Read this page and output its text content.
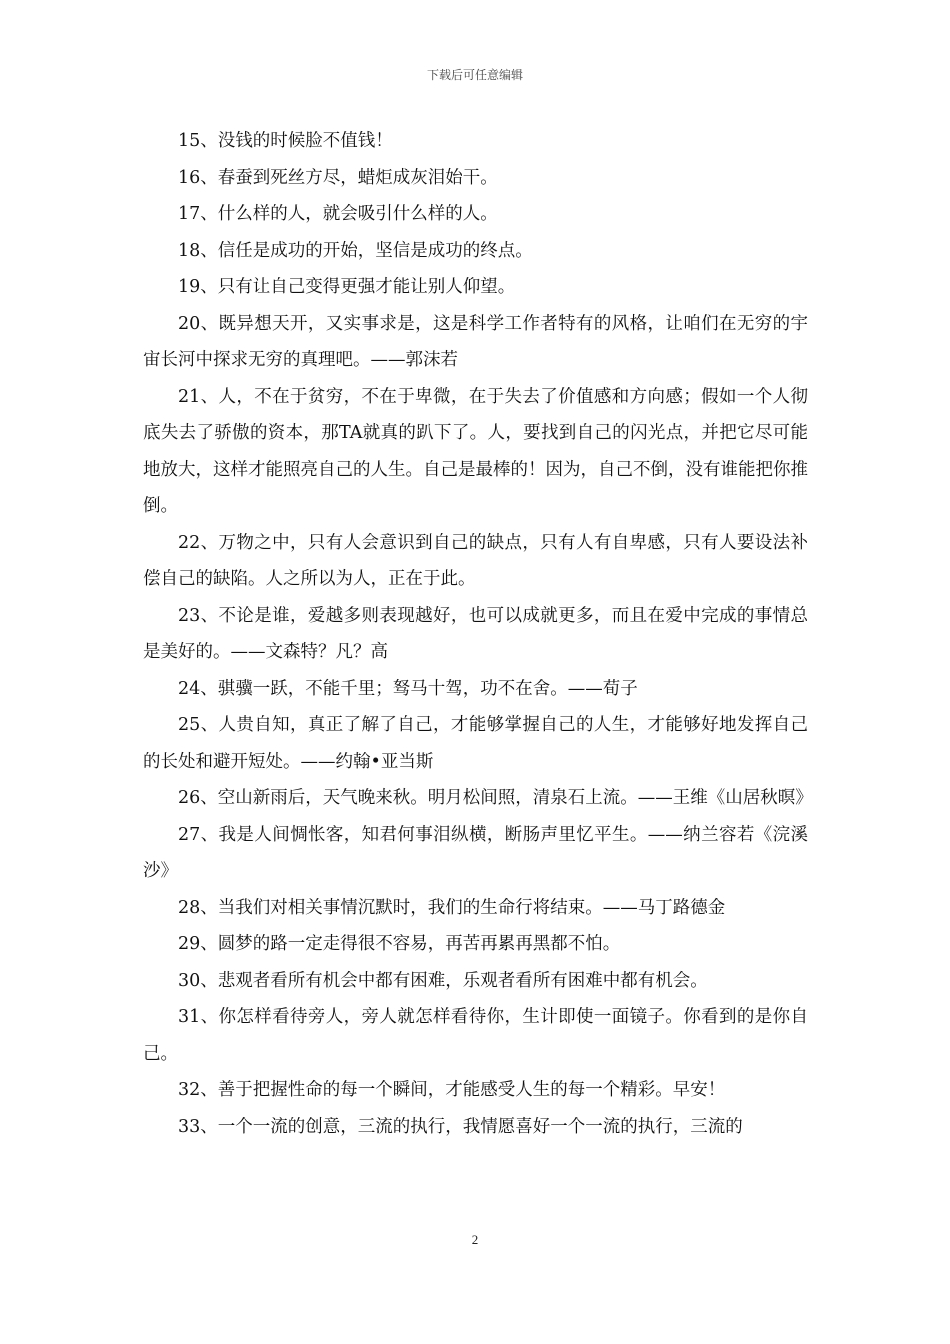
下载后可任意编辑

15、没钱的时候脸不值钱！

16、春蚕到死丝方尽，蜡炬成灰泪始干。

17、什么样的人，就会吸引什么样的人。

18、信任是成功的开始，坚信是成功的终点。

19、只有让自己变得更强才能让别人仰望。

20、既异想天开，又实事求是，这是科学工作者特有的风格，让咱们在无穷的宇宙长河中探求无穷的真理吧。——郭沫若

21、人，不在于贫穷，不在于卑微，在于失去了价值感和方向感；假如一个人彻底失去了骄傲的资本，那TA就真的趴下了。人，要找到自己的闪光点，并把它尽可能地放大，这样才能照亮自己的人生。自己是最棒的！因为，自己不倒，没有谁能把你推倒。

22、万物之中，只有人会意识到自己的缺点，只有人有自卑感，只有人要设法补偿自己的缺陷。人之所以为人，正在于此。

23、不论是谁，爱越多则表现越好，也可以成就更多，而且在爱中完成的事情总是美好的。——文森特？凡？高

24、骐骥一跃，不能千里；驽马十驾，功不在舍。——荀子

25、人贵自知，真正了解了自己，才能够掌握自己的人生，才能够好地发挥自己的长处和避开短处。——约翰•亚当斯

26、空山新雨后，天气晚来秋。明月松间照，清泉石上流。——王维《山居秋暝》

27、我是人间惆怅客，知君何事泪纵横，断肠声里忆平生。——纳兰容若《浣溪沙》

28、当我们对相关事情沉默时，我们的生命行将结束。——马丁路德金

29、圆梦的路一定走得很不容易，再苦再累再黑都不怕。

30、悲观者看所有机会中都有困难，乐观者看所有困难中都有机会。

31、你怎样看待旁人，旁人就怎样看待你，生计即使一面镜子。你看到的是你自己。

32、善于把握性命的每一个瞬间，才能感受人生的每一个精彩。早安！

33、一个一流的创意，三流的执行，我情愿喜好一个一流的执行，三流的

2
